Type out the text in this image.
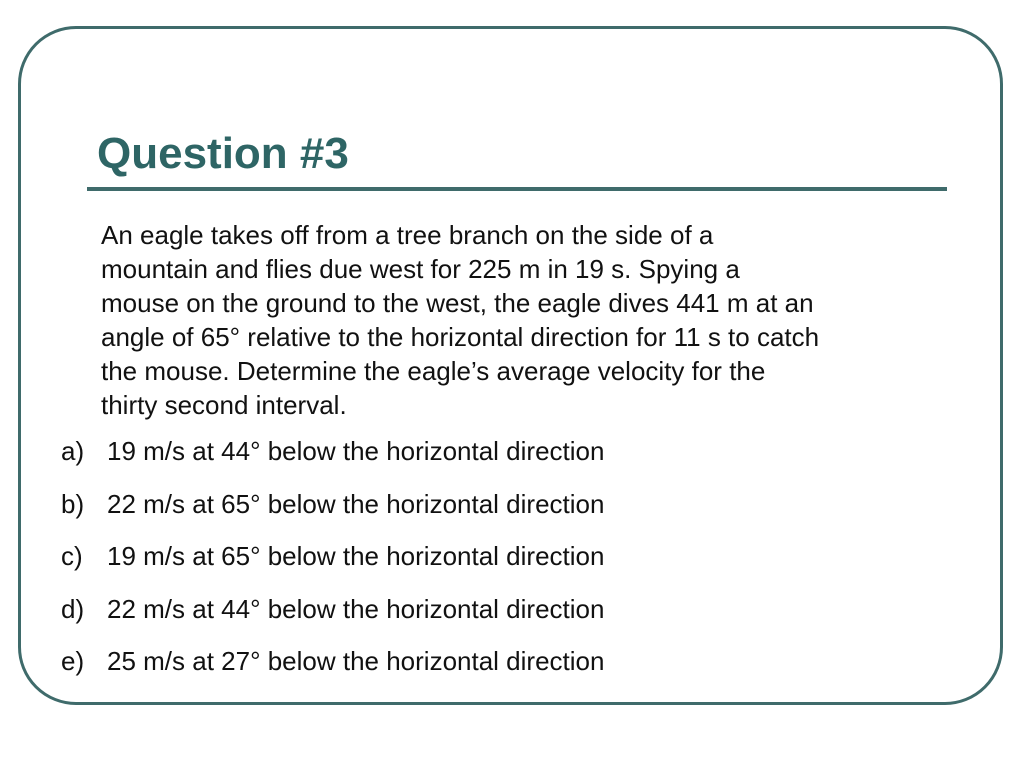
Question #3
An eagle takes off from a tree branch on the side of a
mountain and flies due west for 225 m in 19 s. Spying a
mouse on the ground to the west, the eagle dives 441 m at an
angle of 65° relative to the horizontal direction for 11 s to catch
the mouse. Determine the eagle’s average velocity for the
thirty second interval.
a) 19 m/s at 44° below the horizontal direction
b) 22 m/s at 65° below the horizontal direction
c) 19 m/s at 65° below the horizontal direction
d) 22 m/s at 44° below the horizontal direction
e) 25 m/s at 27° below the horizontal direction
